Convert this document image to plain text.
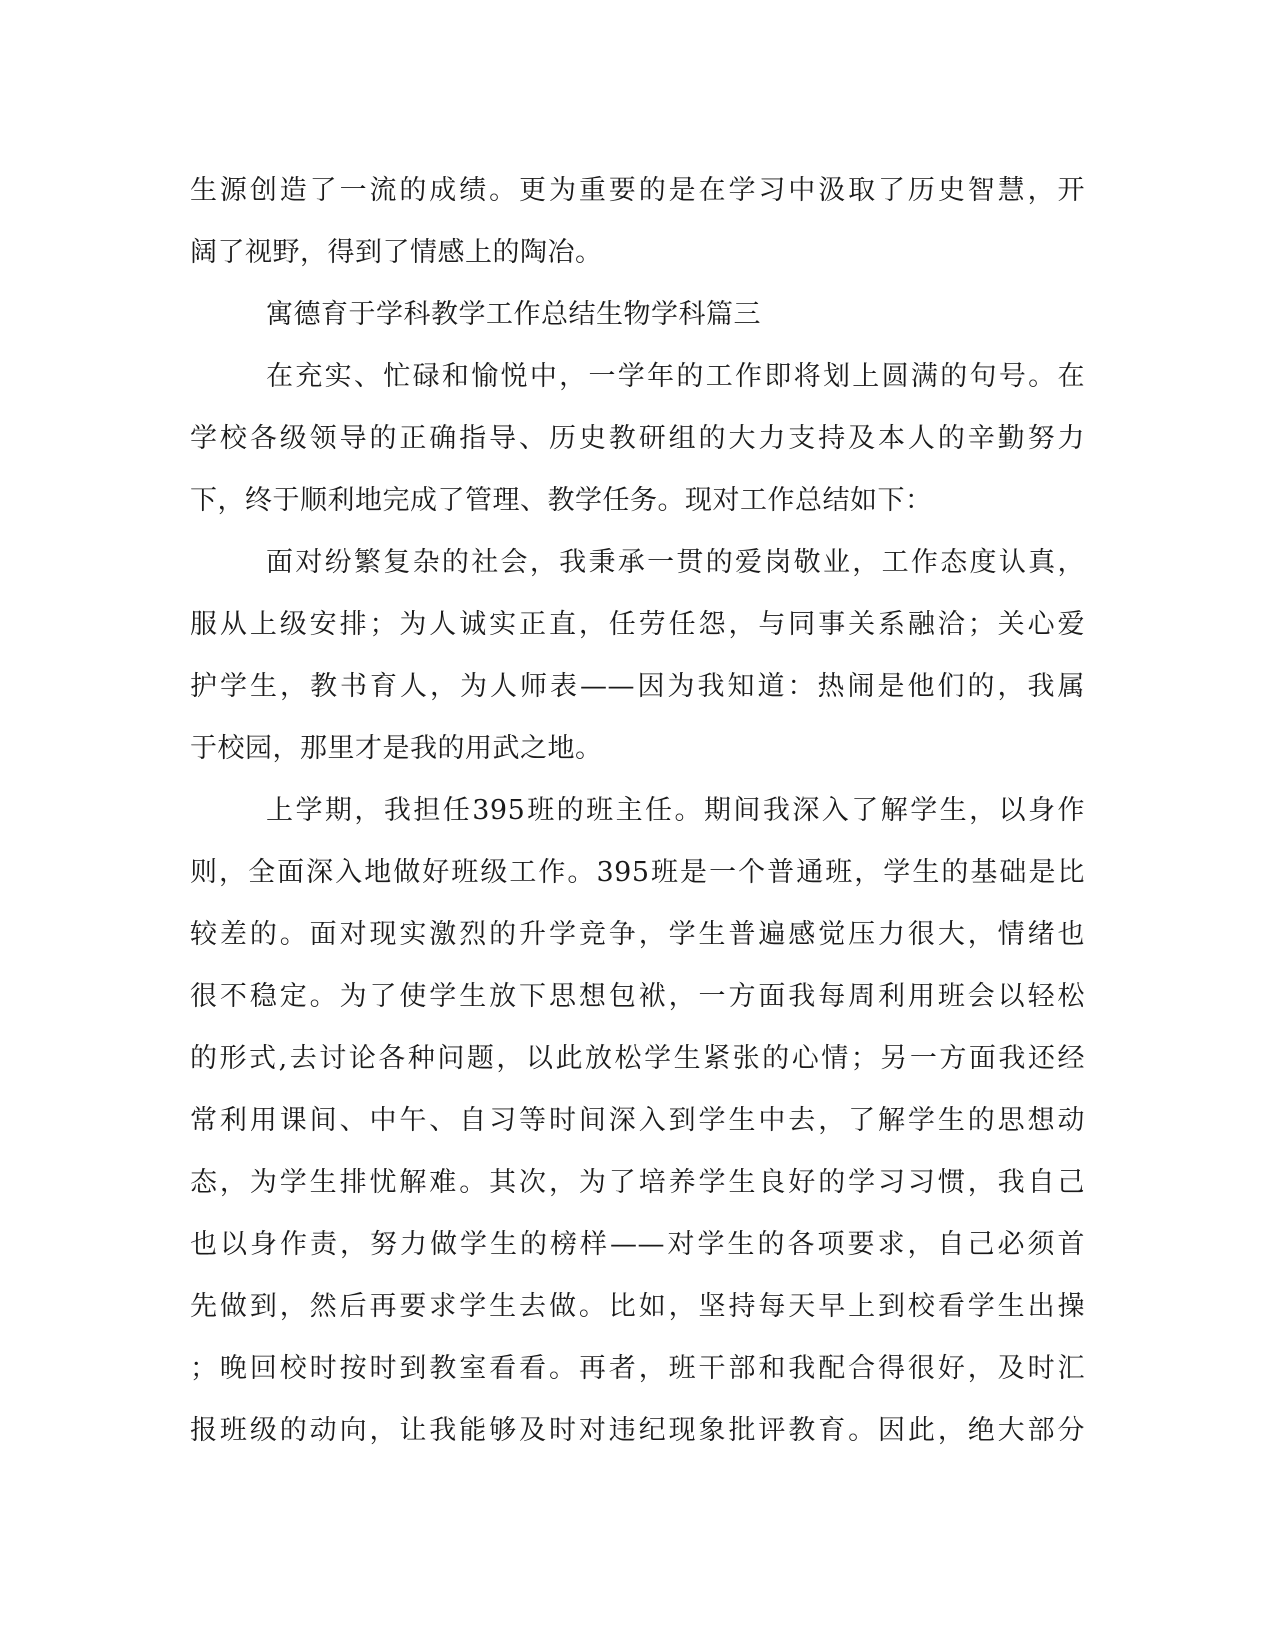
生源创造了一流的成绩。更为重要的是在学习中汲取了历史智慧，开
阔了视野，得到了情感上的陶冶。
寓德育于学科教学工作总结生物学科篇三
在充实、忙碌和愉悦中，一学年的工作即将划上圆满的句号。在
学校各级领导的正确指导、历史教研组的大力支持及本人的辛勤努力
下，终于顺利地完成了管理、教学任务。现对工作总结如下：
面对纷繁复杂的社会，我秉承一贯的爱岗敬业，工作态度认真，
服从上级安排；为人诚实正直，任劳任怨，与同事关系融洽；关心爱
护学生，教书育人，为人师表——因为我知道：热闹是他们的，我属
于校园，那里才是我的用武之地。
上学期，我担任395班的班主任。期间我深入了解学生，以身作
则，全面深入地做好班级工作。395班是一个普通班，学生的基础是比
较差的。面对现实激烈的升学竞争，学生普遍感觉压力很大，情绪也
很不稳定。为了使学生放下思想包袱，一方面我每周利用班会以轻松
的形式,去讨论各种问题，以此放松学生紧张的心情；另一方面我还经
常利用课间、中午、自习等时间深入到学生中去，了解学生的思想动
态，为学生排忧解难。其次，为了培养学生良好的学习习惯，我自己
也以身作责，努力做学生的榜样——对学生的各项要求，自己必须首
先做到，然后再要求学生去做。比如，坚持每天早上到校看学生出操
；晚回校时按时到教室看看。再者，班干部和我配合得很好，及时汇
报班级的动向，让我能够及时对违纪现象批评教育。因此，绝大部分
